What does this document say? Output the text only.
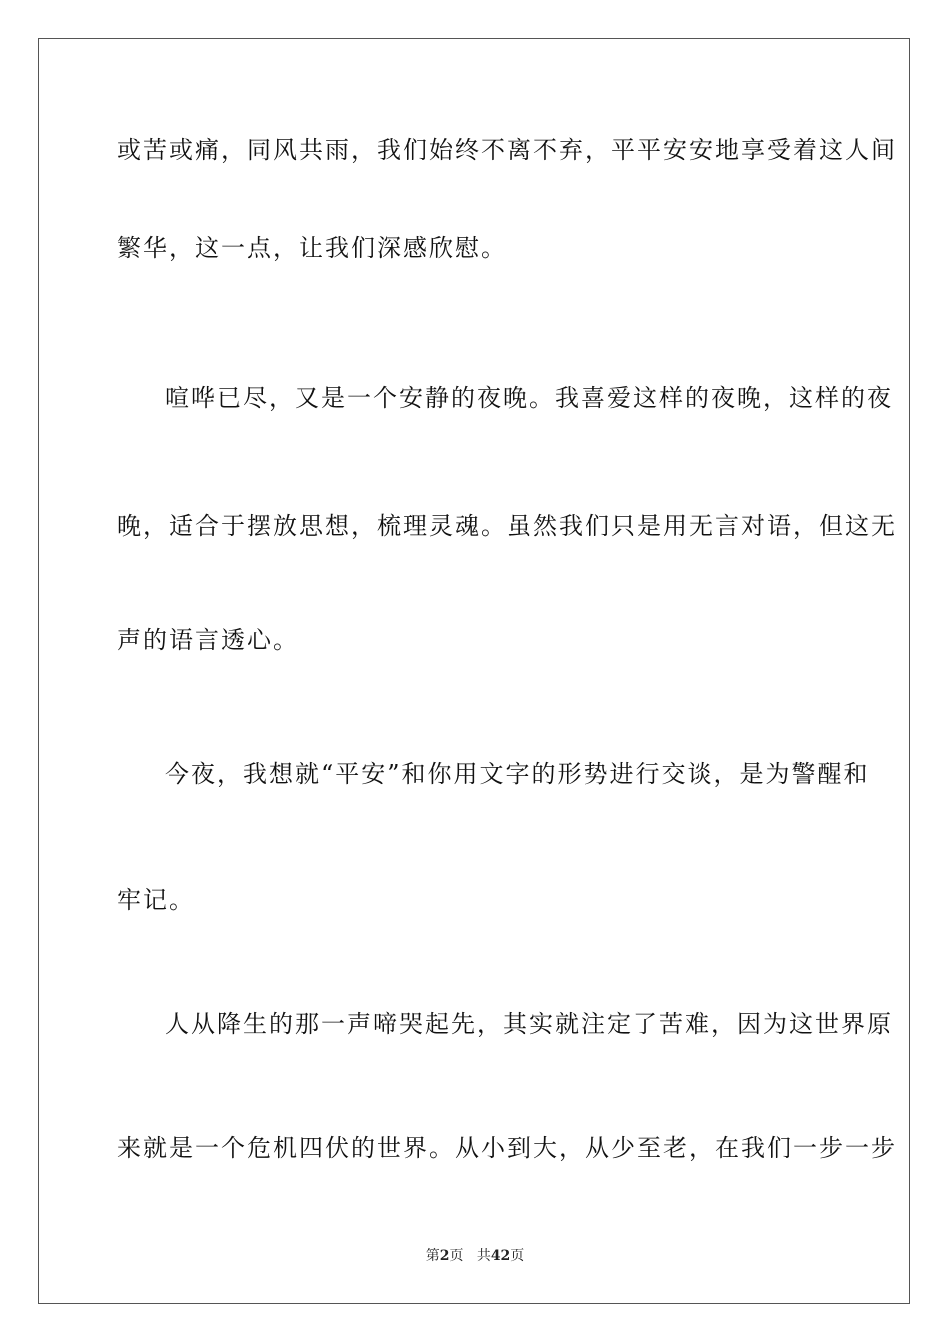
或苦或痛，同风共雨，我们始终不离不弃，平平安安地享受着这人间
繁华，这一点，让我们深感欣慰。
喧哗已尽，又是一个安静的夜晚。我喜爱这样的夜晚，这样的夜
晚，适合于摆放思想，梳理灵魂。虽然我们只是用无言对语，但这无
声的语言透心。
今夜，我想就“平安”和你用文字的形势进行交谈，是为警醒和
牢记。
人从降生的那一声啼哭起先，其实就注定了苦难，因为这世界原
来就是一个危机四伏的世界。从小到大，从少至老，在我们一步一步
第2页 共42页
